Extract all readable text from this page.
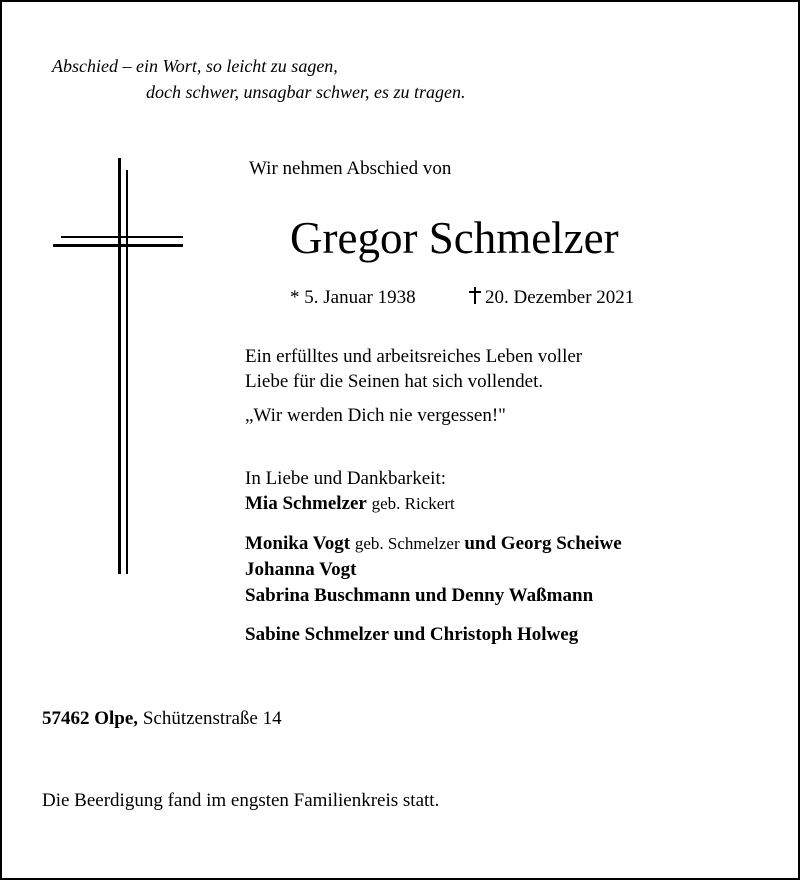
Abschied – ein Wort, so leicht zu sagen,
doch schwer, unsagbar schwer, es zu tragen.
Wir nehmen Abschied von
Gregor Schmelzer
* 5. Januar 1938	20. Dezember 2021
Ein erfülltes und arbeitsreiches Leben voller
Liebe für die Seinen hat sich vollendet.
„Wir werden Dich nie vergessen!"
In Liebe und Dankbarkeit:
Mia Schmelzer geb. Rickert
Monika Vogt geb. Schmelzer und Georg Scheiwe
Johanna Vogt
Sabrina Buschmann und Denny Waßmann
Sabine Schmelzer und Christoph Holweg
57462 Olpe, Schützenstraße 14
Die Beerdigung fand im engsten Familienkreis statt.
